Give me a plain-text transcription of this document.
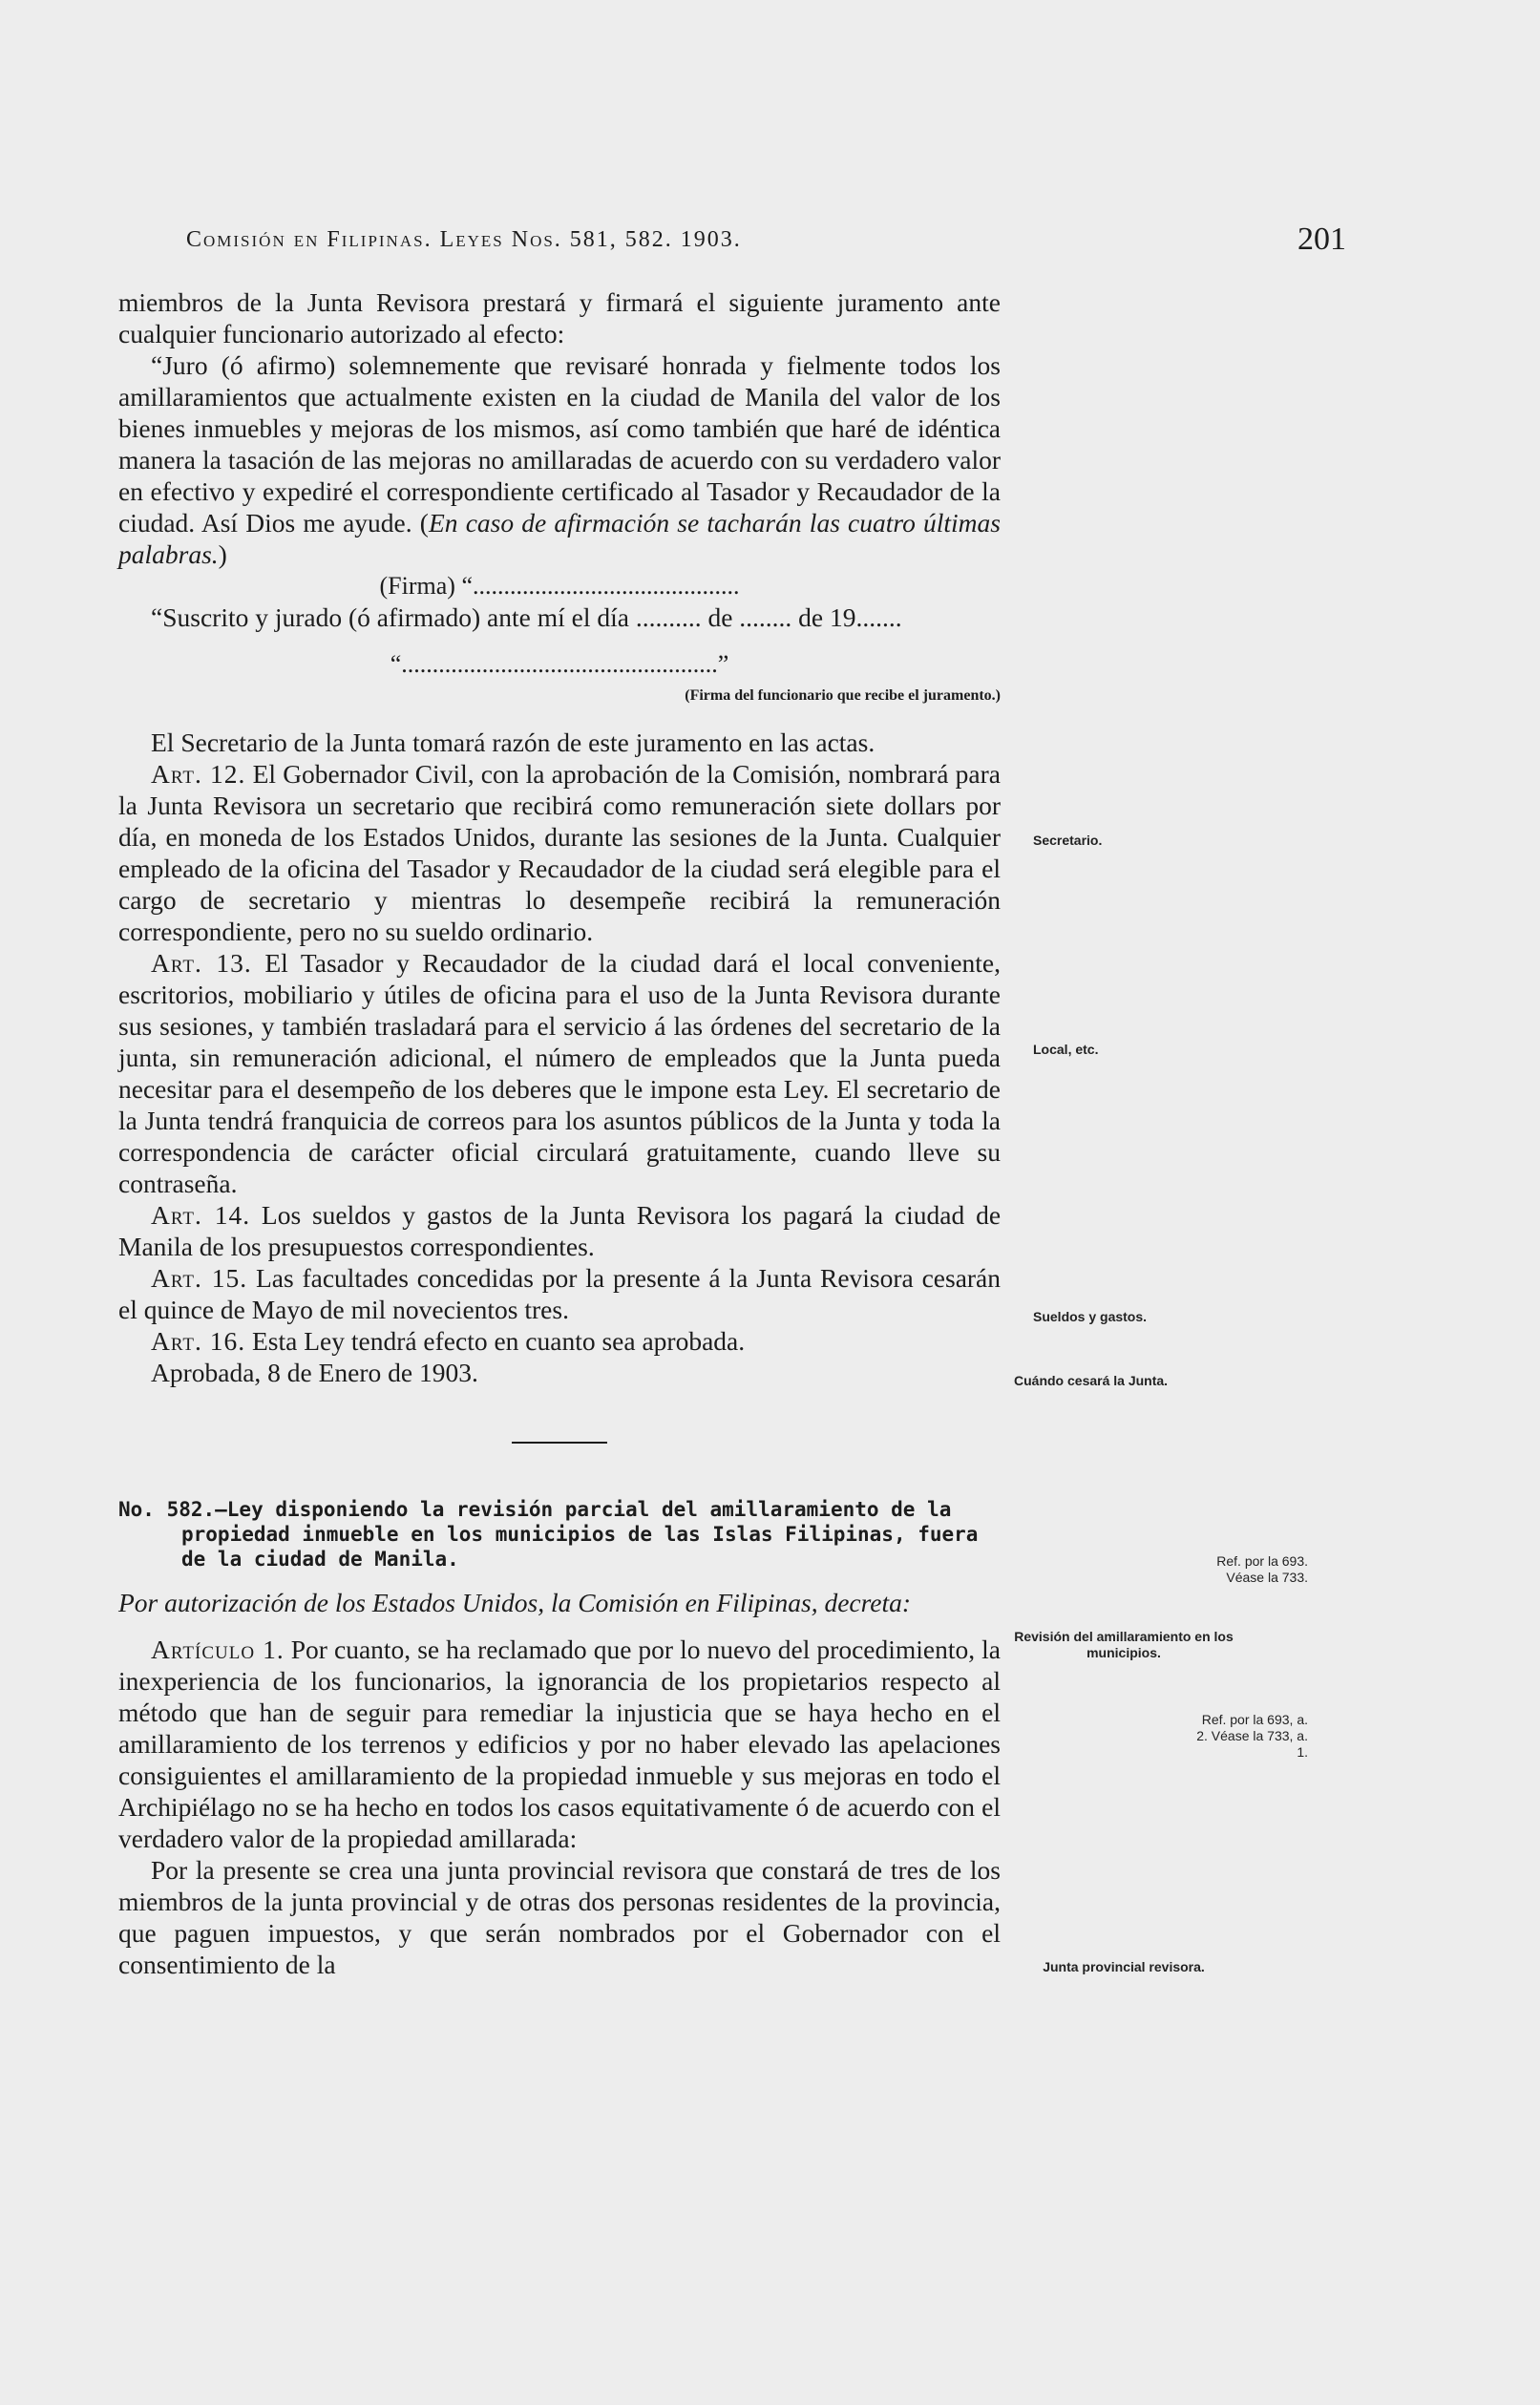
Comisión en Filipinas. Leyes Nos. 581, 582. 1903.	201

miembros de la Junta Revisora prestará y firmará el siguiente juramento ante cualquier funcionario autorizado al efecto:

“Juro (ó afirmo) solemnemente que revisaré honrada y fielmente todos los amillaramientos que actualmente existen en la ciudad de Manila del valor de los bienes inmuebles y mejoras de los mismos, así como también que haré de idéntica manera la tasación de las mejoras no amillaradas de acuerdo con su verdadero valor en efectivo y expediré el correspondiente certificado al Tasador y Recaudador de la ciudad. Así Dios me ayude. (En caso de afirmación se tacharán las cuatro últimas palabras.)

(Firma) “...........................................

“Suscrito y jurado (ó afirmado) ante mí el día .......... de ........ de 19.......

“...................................................”

(Firma del funcionario que recibe el juramento.)

El Secretario de la Junta tomará razón de este juramento en las actas.

Art. 12. El Gobernador Civil, con la aprobación de la Comisión, nombrará para la Junta Revisora un secretario que recibirá como remuneración siete dollars por día, en moneda de los Estados Unidos, durante las sesiones de la Junta. Cualquier empleado de la oficina del Tasador y Recaudador de la ciudad será elegible para el cargo de secretario y mientras lo desempeñe recibirá la remuneración correspondiente, pero no su sueldo ordinario.

Art. 13. El Tasador y Recaudador de la ciudad dará el local conveniente, escritorios, mobiliario y útiles de oficina para el uso de la Junta Revisora durante sus sesiones, y también trasladará para el servicio á las órdenes del secretario de la junta, sin remuneración adicional, el número de empleados que la Junta pueda necesitar para el desempeño de los deberes que le impone esta Ley. El secretario de la Junta tendrá franquicia de correos para los asuntos públicos de la Junta y toda la correspondencia de carácter oficial circulará gratuitamente, cuando lleve su contraseña.

Art. 14. Los sueldos y gastos de la Junta Revisora los pagará la ciudad de Manila de los presupuestos correspondientes.

Art. 15. Las facultades concedidas por la presente á la Junta Revisora cesarán el quince de Mayo de mil novecientos tres.

Art. 16. Esta Ley tendrá efecto en cuanto sea aprobada.

Aprobada, 8 de Enero de 1903.

No. 582.—Ley disponiendo la revisión parcial del amillaramiento de la propiedad inmueble en los municipios de las Islas Filipinas, fuera de la ciudad de Manila.

Por autorización de los Estados Unidos, la Comisión en Filipinas, decreta:

Artículo 1. Por cuanto, se ha reclamado que por lo nuevo del procedimiento, la inexperiencia de los funcionarios, la ignorancia de los propietarios respecto al método que han de seguir para remediar la injusticia que se haya hecho en el amillaramiento de los terrenos y edificios y por no haber elevado las apelaciones consiguientes el amillaramiento de la propiedad inmueble y sus mejoras en todo el Archipiélago no se ha hecho en todos los casos equitativamente ó de acuerdo con el verdadero valor de la propiedad amillarada:

Por la presente se crea una junta provincial revisora que constará de tres de los miembros de la junta provincial y de otras dos personas residentes de la provincia, que paguen impuestos, y que serán nombrados por el Gobernador con el consentimiento de la

Secretario.
Local, etc.
Sueldos y gastos.
Cuándo cesará la Junta.
Ref. por la 693. Véase la 733.
Revisión del amillaramiento en los municipios.
Ref. por la 693, a. 2. Véase la 733, a. 1.
Junta provincial revisora.
